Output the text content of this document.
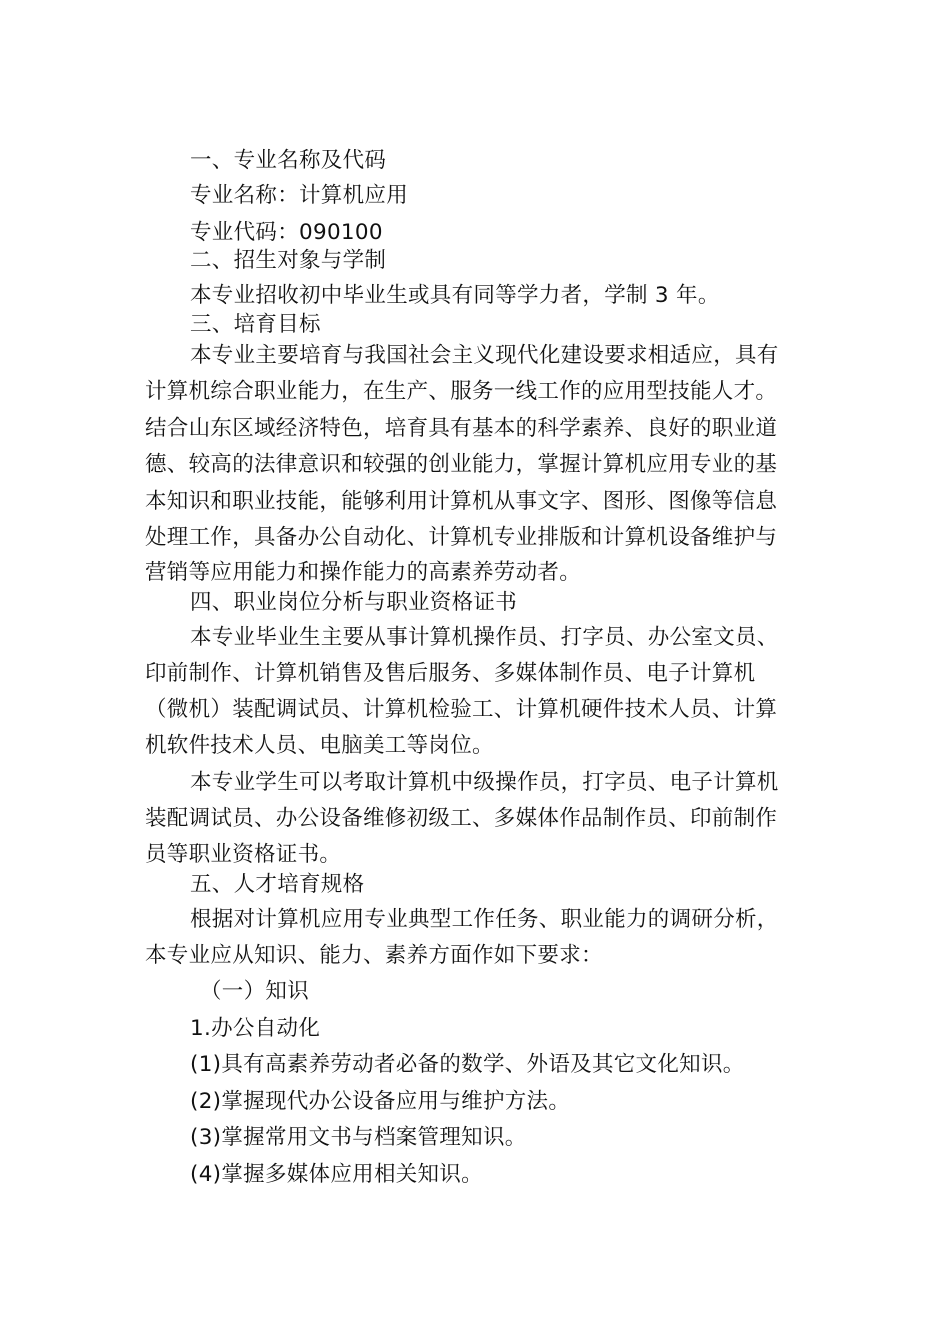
一、专业名称及代码
专业名称：计算机应用
专业代码：090100
二、招生对象与学制
本专业招收初中毕业生或具有同等学力者，学制 3 年。
三、培育目标
本专业主要培育与我国社会主义现代化建设要求相适应，具有
计算机综合职业能力，在生产、服务一线工作的应用型技能人才。
结合山东区域经济特色，培育具有基本的科学素养、良好的职业道
德、较高的法律意识和较强的创业能力，掌握计算机应用专业的基
本知识和职业技能，能够利用计算机从事文字、图形、图像等信息
处理工作，具备办公自动化、计算机专业排版和计算机设备维护与
营销等应用能力和操作能力的高素养劳动者。
四、职业岗位分析与职业资格证书
本专业毕业生主要从事计算机操作员、打字员、办公室文员、
印前制作、计算机销售及售后服务、多媒体制作员、电子计算机
（微机）装配调试员、计算机检验工、计算机硬件技术人员、计算
机软件技术人员、电脑美工等岗位。
本专业学生可以考取计算机中级操作员，打字员、电子计算机
装配调试员、办公设备维修初级工、多媒体作品制作员、印前制作
员等职业资格证书。
五、人才培育规格
根据对计算机应用专业典型工作任务、职业能力的调研分析，
本专业应从知识、能力、素养方面作如下要求：
（一）知识
1.办公自动化
(1)具有高素养劳动者必备的数学、外语及其它文化知识。
(2)掌握现代办公设备应用与维护方法。
(3)掌握常用文书与档案管理知识。
(4)掌握多媒体应用相关知识。
